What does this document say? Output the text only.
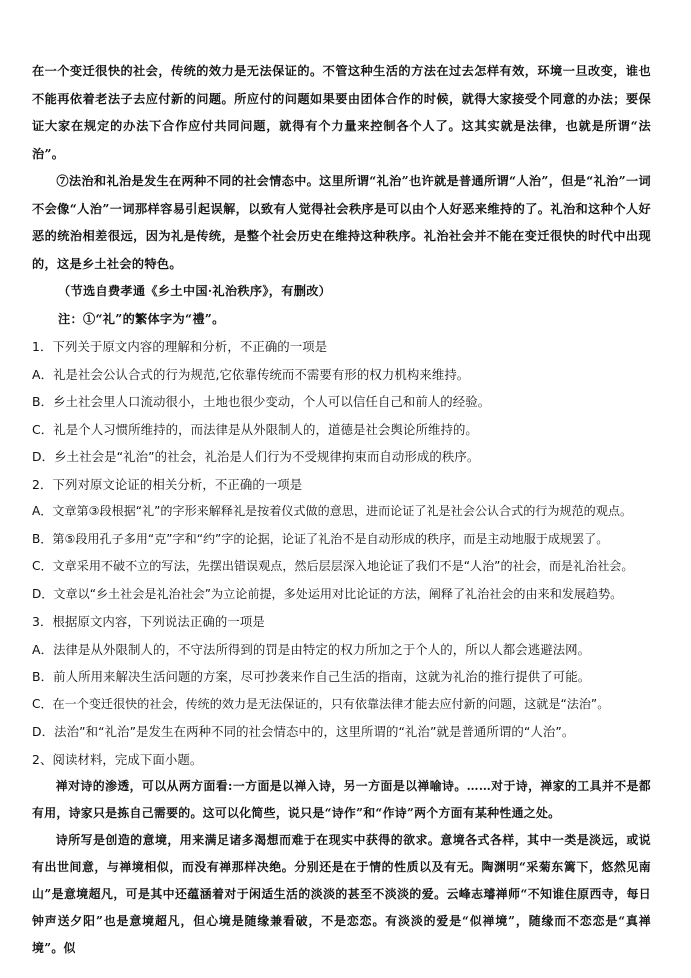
在一个变迁很快的社会，传统的效力是无法保证的。不管这种生活的方法在过去怎样有效，环境一旦改变，谁也不能再依着老法子去应付新的问题。所应付的问题如果要由团体合作的时候，就得大家接受个同意的办法；要保证大家在规定的办法下合作应付共同问题，就得有个力量来控制各个人了。这其实就是法律，也就是所谓“法治”。

⑦法治和礼治是发生在两种不同的社会情态中。这里所谓“礼治”也许就是普通所谓“人治”，但是“礼治”一词不会像“人治”一词那样容易引起误解，以致有人觉得社会秩序是可以由个人好恶来维持的了。礼治和这种个人好恶的统治相差很远，因为礼是传统，是整个社会历史在维持这种秩序。礼治社会并不能在变迁很快的时代中出现的，这是乡土社会的特色。

（节选自费孝通《乡土中国·礼治秩序》，有删改）

注：①“礼”的繁体字为“禮”。

1．下列关于原文内容的理解和分析，不正确的一项是

A．礼是社会公认合式的行为规范,它依靠传统而不需要有形的权力机构来维持。

B．乡土社会里人口流动很小，土地也很少变动，个人可以信任自己和前人的经验。

C．礼是个人习惯所维持的，而法律是从外限制人的，道德是社会舆论所维持的。

D．乡土社会是“礼治”的社会，礼治是人们行为不受规律拘束而自动形成的秩序。

2．下列对原文论证的相关分析，不正确的一项是

A．文章第③段根据“礼”的字形来解释礼是按着仪式做的意思，进而论证了礼是社会公认合式的行为规范的观点。

B．第⑤段用孔子多用“克”字和“约”字的论据，论证了礼治不是自动形成的秩序，而是主动地服于成规罢了。

C．文章采用不破不立的写法，先摆出错误观点，然后层层深入地论证了我们不是“人治”的社会，而是礼治社会。

D．文章以“乡土社会是礼治社会”为立论前提，多处运用对比论证的方法，阐释了礼治社会的由来和发展趋势。

3．根据原文内容，下列说法正确的一项是

A．法律是从外限制人的，不守法所得到的罚是由特定的权力所加之于个人的，所以人都会逃避法网。

B．前人所用来解决生活问题的方案，尽可抄袭来作自己生活的指南，这就为礼治的推行提供了可能。

C．在一个变迁很快的社会，传统的效力是无法保证的，只有依靠法律才能去应付新的问题，这就是“法治”。

D．法治”和“礼治”是发生在两种不同的社会情态中的，这里所谓的“礼治”就是普通所谓的“人治”。

2、阅读材料，完成下面小题。

禅对诗的渗透，可以从两方面看:一方面是以禅入诗，另一方面是以禅喻诗。……对于诗，禅家的工具并不是都有用，诗家只是拣自己需要的。这可以化简些，说只是“诗作”和“作诗”两个方面有某种性通之处。

诗所写是创造的意境，用来满足诸多渴想而难于在现实中获得的欲求。意境各式各样，其中一类是淡远，或说有出世间意，与禅境相似，而没有禅那样决绝。分别还是在于情的性质以及有无。陶渊明“采菊东篱下，悠然见南山”是意境超凡，可是其中还蕴涵着对于闲适生活的淡淡的甚至不淡淡的爱。云峰志璿禅师“不知谁住原西寺，每日钟声送夕阳”也是意境超凡，但心境是随缘兼看破，不是恋恋。有淡淡的爱是“似禅境”，随缘而不恋恋是“真禅境”。似
